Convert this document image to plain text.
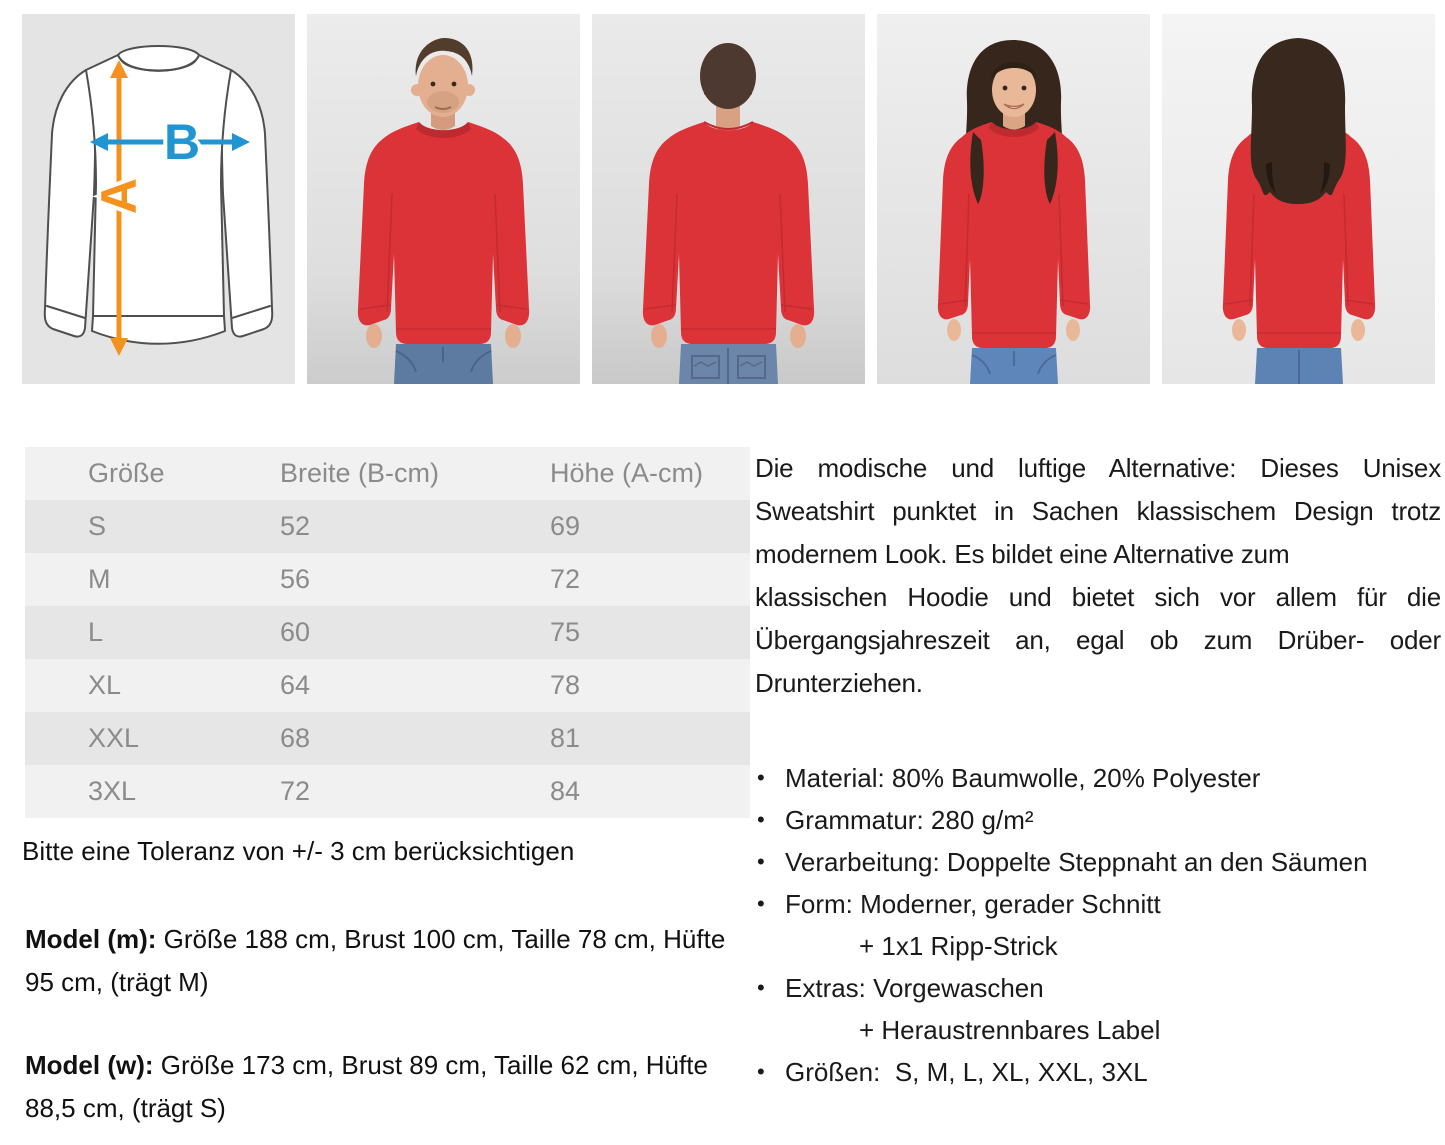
A
B
Größe	Breite (B-cm)	Höhe (A-cm)
S	52	69
M	56	72
L	60	75
XL	64	78
XXL	68	81
3XL	72	84

Bitte eine Toleranz von +/- 3 cm berücksichtigen

Model (m): Größe 188 cm, Brust 100 cm, Taille 78 cm, Hüfte 95 cm, (trägt M)

Model (w): Größe 173 cm, Brust 89 cm, Taille 62 cm, Hüfte 88,5 cm, (trägt S)

Die modische und luftige Alternative: Dieses Unisex
Sweatshirt punktet in Sachen klassischem Design trotz
modernem Look. Es bildet eine Alternative zum
klassischen Hoodie und bietet sich vor allem für die
Übergangsjahreszeit an, egal ob zum Drüber- oder
Drunterziehen.

• Material: 80% Baumwolle, 20% Polyester
• Grammatur: 280 g/m²
• Verarbeitung: Doppelte Steppnaht an den Säumen
• Form: Moderner, gerader Schnitt
+ 1x1 Ripp-Strick
• Extras: Vorgewaschen
+ Heraustrennbares Label
• Größen:  S, M, L, XL, XXL, 3XL
